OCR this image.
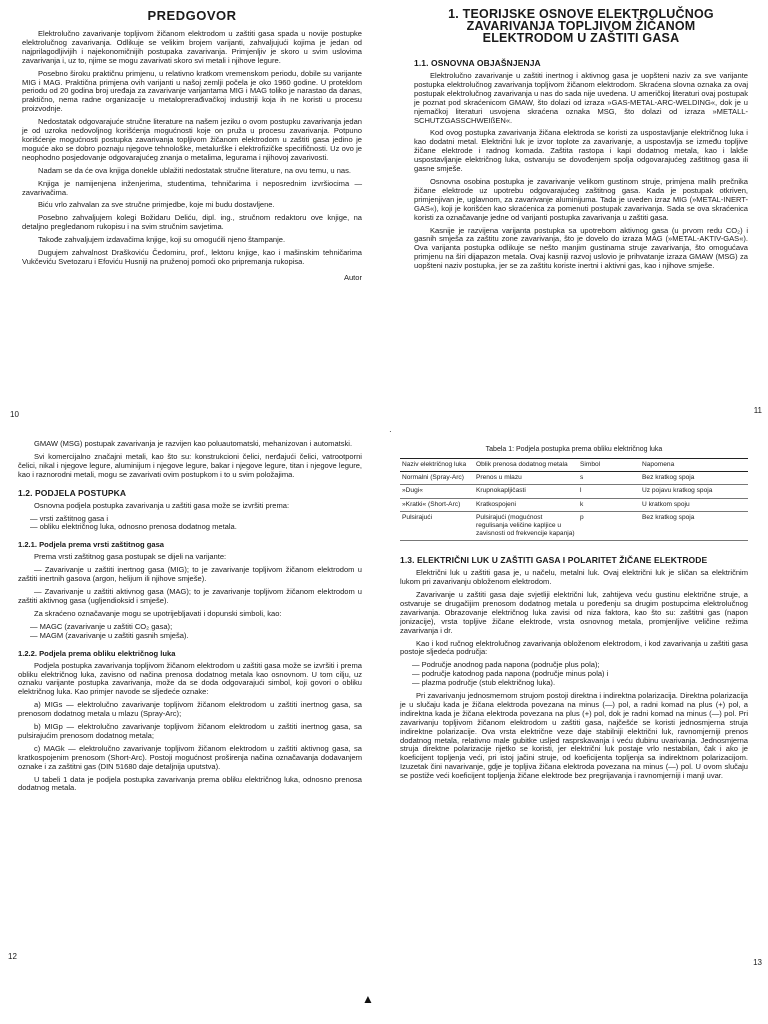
PREDGOVOR

Elektrolučno zavarivanje topljivom žičanom elektrodom u zaštiti gasa spada u novije postupke elektrolučnog zavarivanja. Odlikuje se velikim brojem varijanti, zahvaljujući kojima je jedan od najprilagodljivijih i najekonomičnijih postupaka zavarivanja. Primjenljiv je skoro u svim uslovima zavarivanja i, uz to, njime se mogu zavarivati skoro svi metali i njihove legure.

Posebno široku praktičnu primjenu, u relativno kratkom vremenskom periodu, dobile su varijante MIG i MAG. Praktična primjena ovih varijanti u našoj zemlji počela je oko 1960 godine. U proteklom periodu od 20 godina broj uređaja za zavarivanje varijantama MIG i MAG toliko je narastao da danas, praktično, nema radne organizacije u metaloprerađivačkoj industriji koja ih ne koristi u procesu proizvodnje.

Nedostatak odgovarajuće stručne literature na našem jeziku o ovom postupku zavarivanja jedan je od uzroka nedovoljnog korišćenja mogućnosti koje on pruža u procesu zavarivanja. Potpuno korišćenje mogućnosti postupka zavarivanja topljivom žičanom elektrodom u zaštiti gasa jedino je moguće ako se dobro poznaju njegove tehnološke, metalurške i elektrofizičke specifičnosti. Uz ovo je neophodno posjedovanje odgovarajućeg znanja o metalima, legurama i njihovoj zavarivosti.

Nadam se da će ova knjiga donekle ublažiti nedostatak stručne literature, na ovu temu, u nas.

Knjiga je namijenjena inženjerima, studentima, tehničarima i neposrednim izvršiocima — zavarivačima.

Biću vrlo zahvalan za sve stručne primjedbe, koje mi budu dostavljene.

Posebno zahvaljujem kolegi Božidaru Deliću, dipl. ing., stručnom redaktoru ove knjige, na detaljno pregledanom rukopisu i na svim stručnim savjetima.

Takođe zahvaljujem izdavačima knjige, koji su omogućili njeno štampanje.

Dugujem zahvalnost Draškoviću Čedomiru, prof., lektoru knjige, kao i mašinskim tehničarima Vukčeviću Svetozaru i Efoviću Husniji na pruženoj pomoći oko pripremanja rukopisa.

Autor
10
1. TEORIJSKE OSNOVE ELEKTROLUČNOG
ZAVARIVANJA TOPLJIVOM ŽIČANOM
ELEKTRODOM U ZAŠTITI GASA
1.1. OSNOVNA OBJAŠNJENJA

Elektrolučno zavarivanje u zaštiti inertnog i aktivnog gasa je uopšteni naziv za sve varijante postupka elektrolučnog zavarivanja topljivom žičanom elektrodom. Skraćena slovna oznaka za ovaj postupak elektrolučnog zavarivanja u nas do sada nije uvedena. U američkoj literaturi ovaj postupak je poznat pod skraćenicom GMAW, što dolazi od izraza »GAS-METAL-ARC-WELDING«, dok je u njemačkoj literaturi usvojena skraćena oznaka MSG, što dolazi od izraza »METALL-SCHUTZGASSCHWEIßEN«.

Kod ovog postupka zavarivanja žičana elektroda se koristi za uspostavljanje električnog luka i kao dodatni metal. Električni luk je izvor toplote za zavarivanje, a uspostavlja se između topljive žičane elektrode i radnog komada. Zaštita rastopa i kapi dodatnog metala, kao i lakše uspostavljanje električnog luka, ostvaruju se dovođenjem spolja odgovarajućeg zaštitnog gasa ili gasne smješe.

Osnovna osobina postupka je zavarivanje velikom gustinom struje, primjena malih prečnika žičane elektrode uz upotrebu odgovarajućeg zaštitnog gasa. Kada je postupak otkriven, primjenjivan je, uglavnom, za zavarivanje aluminijuma. Tada je uveden izraz MIG (»METAL-INERT-GAS«), koji je korišćen kao skraćenica za pomenuti postupak zavarivanja. Sada se ova skraćenica koristi za označavanje jedne od varijanti postupka zavarivanja u zaštiti gasa.

Kasnije je razvijena varijanta postupka sa upotrebom aktivnog gasa (u prvom redu CO₂) i gasnih smješa za zaštitu zone zavarivanja, što je dovelo do izraza MAG (»METAL-AKTIV-GAS«). Ova varijanta postupka odlikuje se nešto manjim gustinama struje zavarivanja, što omogućava primjenu na širi dijapazon metala. Ovaj kasniji razvoj uslovio je prihvatanje izraza GMAW (MSG) za uopšteni naziv postupka, jer se za zaštitu koriste inertni i aktivni gas, kao i njihove smješe.

11

GMAW (MSG) postupak zavarivanja je razvijen kao poluautomatski, mehanizovan i automatski.

Svi komercijalno značajni metali, kao što su: konstrukcioni čelici, nerđajući čelici, vatrootporni čelici, nikal i njegove legure, aluminijum i njegove legure, bakar i njegove legure, titan i njegove legure, kao i raznorodni metali, mogu se zavarivati ovim postupkom i to u svim položajima.

1.2. PODJELA POSTUPKA

Osnovna podjela postupka zavarivanja u zaštiti gasa može se izvršiti prema:

— vrsti zaštitnog gasa i
— obliku električnog luka, odnosno prenosa dodatnog metala.
1.2.1. Podjela prema vrsti zaštitnog gasa

Prema vrsti zaštitnog gasa postupak se dijeli na varijante:

— Zavarivanje u zaštiti inertnog gasa (MIG); to je zavarivanje topljivom žičanom elektrodom u zaštiti inertnih gasova (argon, helijum ili njihove smješe).

— Zavarivanje u zaštiti aktivnog gasa (MAG); to je zavarivanje topljivom žičanom elektrodom u zaštiti aktivnog gasa (ugljendioksid i smješe).

Za skraćeno označavanje mogu se upotrijebljavati i dopunski simboli, kao:

— MAGC (zavarivanje u zaštiti CO₂ gasa);
— MAGM (zavarivanje u zaštiti gasnih smješa).
1.2.2. Podjela prema obliku električnog luka

Podjela postupka zavarivanja topljivom žičanom elektrodom u zaštiti gasa može se izvršiti i prema obliku električnog luka, zavisno od načina prenosa dodatnog metala kao osnovnom. U tom cilju, uz oznaku varijante postupka zavarivanja, može da se doda odgovarajući simbol, koji govori o obliku električnog luka. Kao primjer navode se sljedeće oznake:

a) MIGs — elektrolučno zavarivanje topljivom žičanom elektrodom u zaštiti inertnog gasa, sa prenosom dodatnog metala u mlazu (Spray-Arc);

b) MIGp — elektrolučno zavarivanje topljivom žičanom elektrodom u zaštiti inertnog gasa, sa pulsirajućim prenosom dodatnog metala;

c) MAGk — elektrolučno zavarivanje topljivom žičanom elektrodom u zaštiti aktivnog gasa, sa kratkospojenim prenosom (Short-Arc). Postoji mogućnost proširenja načina označavanja dodavanjem oznake i za zaštitni gas (DIN 51680 daje detaljnija uputstva).

U tabeli 1 data je podjela postupka zavarivanja prema obliku električnog luka, odnosno prenosa dodatnog metala.

12
Tabela 1: Podjela postupka prema obliku električnog luka
Naziv električnog luka	Oblik prenosa dodatnog metala	Simbol	Napomena
Normalni (Spray-Arc)	Prenos u mlazu	s	Bez kratkog spoja
»Dugi«	Krupnokapljičasti	l	Uz pojavu kratkog spoja
»Kratki« (Short-Arc)	Kratkospojeni	k	U kratkom spoju
Pulsirajući	Pulsirajući (mogućnost regulisanja veličine kapljice u zavisnosti od frekvencije kapanja)	p	Bez kratkog spoja
1.3. ELEKTRIČNI LUK U ZAŠTITI GASA I POLARITET ŽIČANE ELEKTRODE

Električni luk u zaštiti gasa je, u načelu, metalni luk. Ovaj električni luk je sličan sa električnim lukom pri zavarivanju obloženom elektrodom.

Zavarivanje u zaštiti gasa daje svjetliji električni luk, zahtijeva veću gustinu električne struje, a ostvaruje se drugačijim prenosom dodatnog metala u poređenju sa drugim postupcima elektrolučnog zavarivanja. Obrazovanje električnog luka zavisi od niza faktora, kao što su: zaštitni gas (napon jonizacije), vrsta topljive žičane elektrode, vrsta osnovnog metala, promjenljive veličine režima zavarivanja i dr.

Kao i kod ručnog elektrolučnog zavarivanja obloženom elektrodom, i kod zavarivanja u zaštiti gasa postoje sljedeća područja:

— Područje anodnog pada napona (područje plus pola);
— područje katodnog pada napona (područje minus pola) i
— plazma područje (stub električnog luka).

Pri zavarivanju jednosmernom strujom postoji direktna i indirektna polarizacija. Direktna polarizacija je u slučaju kada je žičana elektroda povezana na minus (—) pol, a radni komad na plus (+) pol, a indirektna kada je žičana elektroda povezana na plus (+) pol, dok je radni komad na minus (—) pol. Pri zavarivanju topljivom žičanom elektrodom u zaštiti gasa, najčešće se koristi jednosmjerna struja indirektne polarizacije. Ova vrsta električne veze daje stabilniji električni luk, ravnomjerniji prenos dodatnog metala, relativno male gubitke usljed rasprskavanja i veću dubinu uvarivanja. Jednosmjerna struja direktne polarizacije rijetko se koristi, jer električni luk postaje vrlo nestabilan, čak i ako je koeficijent topljenja veći, pri istoj jačini struje, od koeficijenta topljenja sa indirektnom polarizacijom. Izuzetak čini navarivanje, gdje je topljiva žičana elektroda povezana na minus (—) pol. U ovom slučaju se postiže veći koeficijent topljenja žičane elektrode bez pregrijavanja i ravnomjerniji i manji uvar.

13
·
▲
